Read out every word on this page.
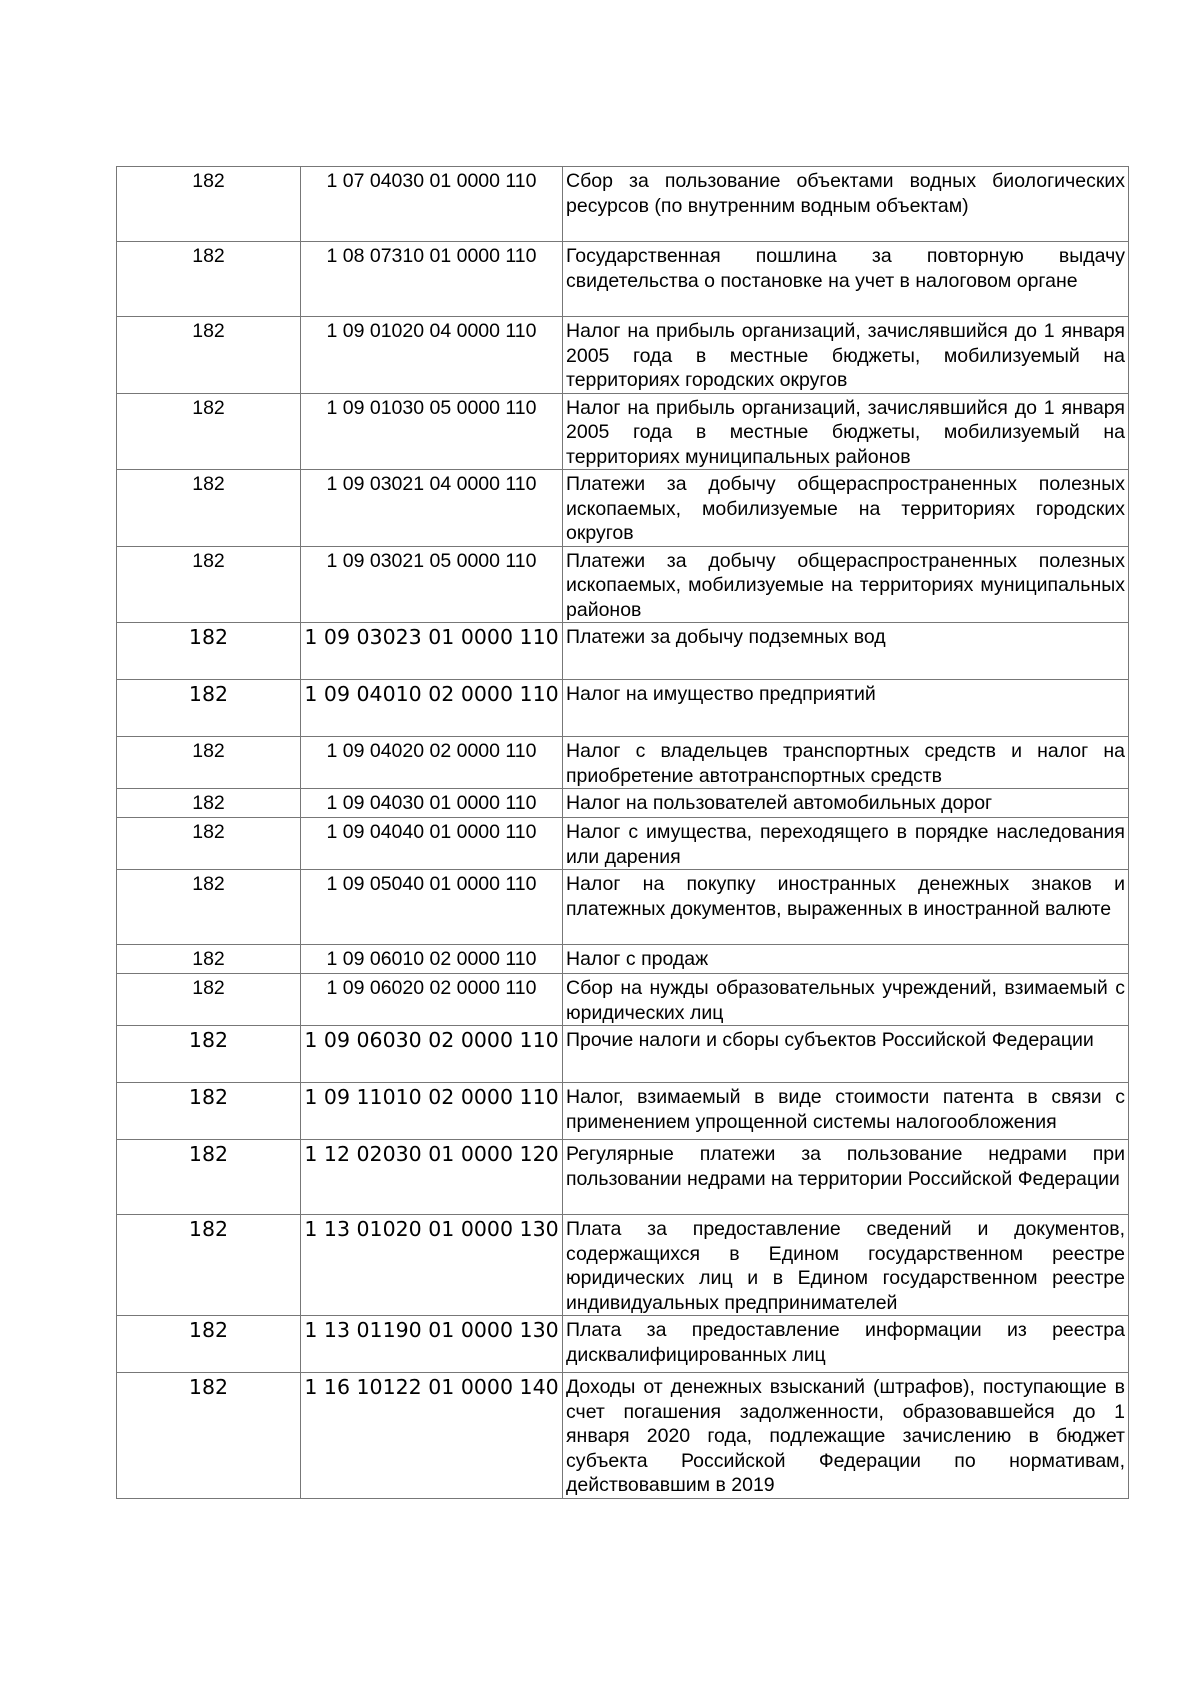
182	1 07 04030 01 0000 110	Сбор за пользование объектами водных биологических ресурсов (по внутренним водным объектам)
182	1 08 07310 01 0000 110	Государственная пошлина за повторную выдачу свидетельства о постановке на учет в налоговом органе
182	1 09 01020 04 0000 110	Налог на прибыль организаций, зачислявшийся до 1 января 2005 года в местные бюджеты, мобилизуемый на территориях городских округов
182	1 09 01030 05 0000 110	Налог на прибыль организаций, зачислявшийся до 1 января 2005 года в местные бюджеты, мобилизуемый на территориях муниципальных районов
182	1 09 03021 04 0000 110	Платежи за добычу общераспространенных полезных ископаемых, мобилизуемые на территориях городских округов
182	1 09 03021 05 0000 110	Платежи за добычу общераспространенных полезных ископаемых, мобилизуемые на территориях муниципальных районов
182	1 09 03023 01 0000 110	Платежи за добычу подземных вод
182	1 09 04010 02 0000 110	Налог на имущество предприятий
182	1 09 04020 02 0000 110	Налог с владельцев транспортных средств и налог на приобретение автотранспортных средств
182	1 09 04030 01 0000 110	Налог на пользователей автомобильных дорог
182	1 09 04040 01 0000 110	Налог с имущества, переходящего в порядке наследования или дарения
182	1 09 05040 01 0000 110	Налог на покупку иностранных денежных знаков и платежных документов, выраженных в иностранной валюте
182	1 09 06010 02 0000 110	Налог с продаж
182	1 09 06020 02 0000 110	Сбор на нужды образовательных учреждений, взимаемый с юридических лиц
182	1 09 06030 02 0000 110	Прочие налоги и сборы субъектов Российской Федерации
182	1 09 11010 02 0000 110	Налог, взимаемый в виде стоимости патента в связи с применением упрощенной системы налогообложения
182	1 12 02030 01 0000 120	Регулярные платежи за пользование недрами при пользовании недрами на территории Российской Федерации
182	1 13 01020 01 0000 130	Плата за предоставление сведений и документов, содержащихся в Едином государственном реестре юридических лиц и в Едином государственном реестре индивидуальных предпринимателей
182	1 13 01190 01 0000 130	Плата за предоставление информации из реестра дисквалифицированных лиц
182	1 16 10122 01 0000 140	Доходы от денежных взысканий (штрафов), поступающие в счет погашения задолженности, образовавшейся до 1 января 2020 года, подлежащие зачислению в бюджет субъекта Российской Федерации по нормативам, действовавшим в 2019
